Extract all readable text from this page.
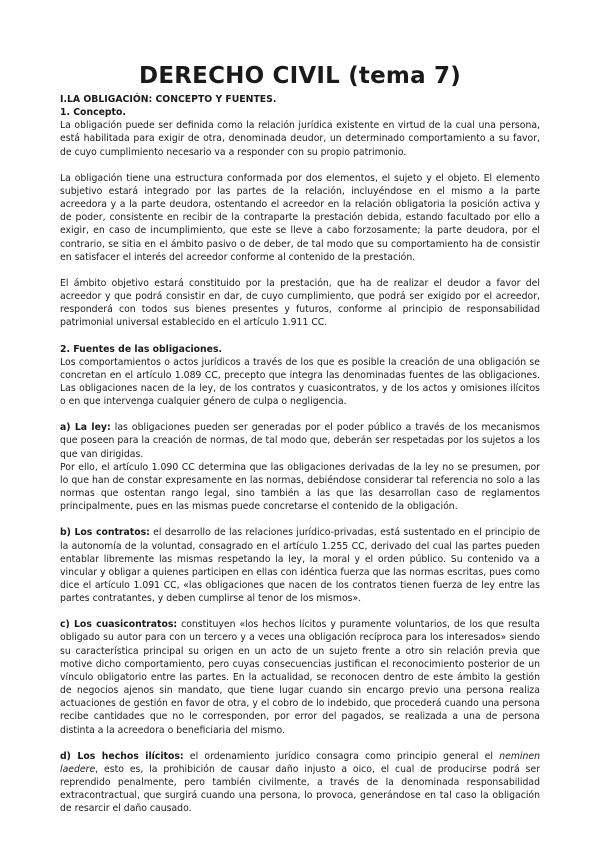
DERECHO CIVIL (tema 7)
I.LA OBLIGACIÓN: CONCEPTO Y FUENTES.
1. Concepto.

La obligación puede ser definida como la relación jurídica existente en virtud de la cual una persona, está habilitada para exigir de otra, denominada deudor, un determinado comportamiento a su favor, de cuyo cumplimiento necesario va a responder con su propio patrimonio.

La obligación tiene una estructura conformada por dos elementos, el sujeto y el objeto. El elemento subjetivo estará integrado por las partes de la relación, incluyéndose en el mismo a la parte acreedora y a la parte deudora, ostentando el acreedor en la relación obligatoria la posición activa y de poder, consistente en recibir de la contraparte la prestación debida, estando facultado por ello a exigir, en caso de incumplimiento, que este se lleve a cabo forzosamente; la parte deudora, por el contrario, se sitia en el ámbito pasivo o de deber, de tal modo que su comportamiento ha de consistir en satisfacer el interés del acreedor conforme al contenido de la prestación.

El ámbito objetivo estará constituido por la prestación, que ha de realizar el deudor a favor del acreedor y que podrá consistir en dar, de cuyo cumplimiento, que podrá ser exigido por el acreedor, responderá con todos sus bienes presentes y futuros, conforme al principio de responsabilidad patrimonial universal establecido en el artículo 1.911 CC.

2. Fuentes de las obligaciones.

Los comportamientos o actos jurídicos a través de los que es posible la creación de una obligación se concretan en el artículo 1.089 CC, precepto que integra las denominadas fuentes de las obligaciones. Las obligaciones nacen de la ley, de los contratos y cuasicontratos, y de los actos y omisiones ilícitos o en que intervenga cualquier género de culpa o negligencia.

a) La ley: las obligaciones pueden ser generadas por el poder público a través de los mecanismos que poseen para la creación de normas, de tal modo que, deberán ser respetadas por los sujetos a los que van dirigidas.

Por ello, el artículo 1.090 CC determina que las obligaciones derivadas de la ley no se presumen, por lo que han de constar expresamente en las normas, debiéndose considerar tal referencia no solo a las normas que ostentan rango legal, sino también a las que las desarrollan caso de reglamentos principalmente, pues en las mismas puede concretarse el contenido de la obligación.

b) Los contratos: el desarrollo de las relaciones jurídico-privadas, está sustentado en el principio de la autonomía de la voluntad, consagrado en el artículo 1.255 CC, derivado del cual las partes pueden entablar libremente las mismas respetando la ley, la moral y el orden público. Su contenido va a vincular y obligar a quienes participen en ellas con idéntica fuerza que las normas escritas, pues como dice el artículo 1.091 CC, «las obligaciones que nacen de los contratos tienen fuerza de ley entre las partes contratantes, y deben cumplirse al tenor de los mismos».

c) Los cuasicontratos: constituyen «los hechos lícitos y puramente voluntarios, de los que resulta obligado su autor para con un tercero y a veces una obligación recíproca para los interesados» siendo su característica principal su origen en un acto de un sujeto frente a otro sin relación previa que motive dicho comportamiento, pero cuyas consecuencias justifican el reconocimiento posterior de un vínculo obligatorio entre las partes. En la actualidad, se reconocen dentro de este ámbito la gestión de negocios ajenos sin mandato, que tiene lugar cuando sin encargo previo una persona realiza actuaciones de gestión en favor de otra, y el cobro de lo indebido, que procederá cuando una persona recibe cantidades que no le corresponden, por error del pagados, se realizada a una de persona distinta a la acreedora o beneficiaria del mismo.

d) Los hechos ilícitos: el ordenamiento jurídico consagra como principio general el neminen laedere, esto es, la prohibición de causar daño injusto a oico, el cual de producirse podrá ser reprendido penalmente, pero también civilmente, a través de la denominada responsabilidad extracontractual, que surgirá cuando una persona, lo provoca, generándose en tal caso la obligación de resarcir el daño causado.
